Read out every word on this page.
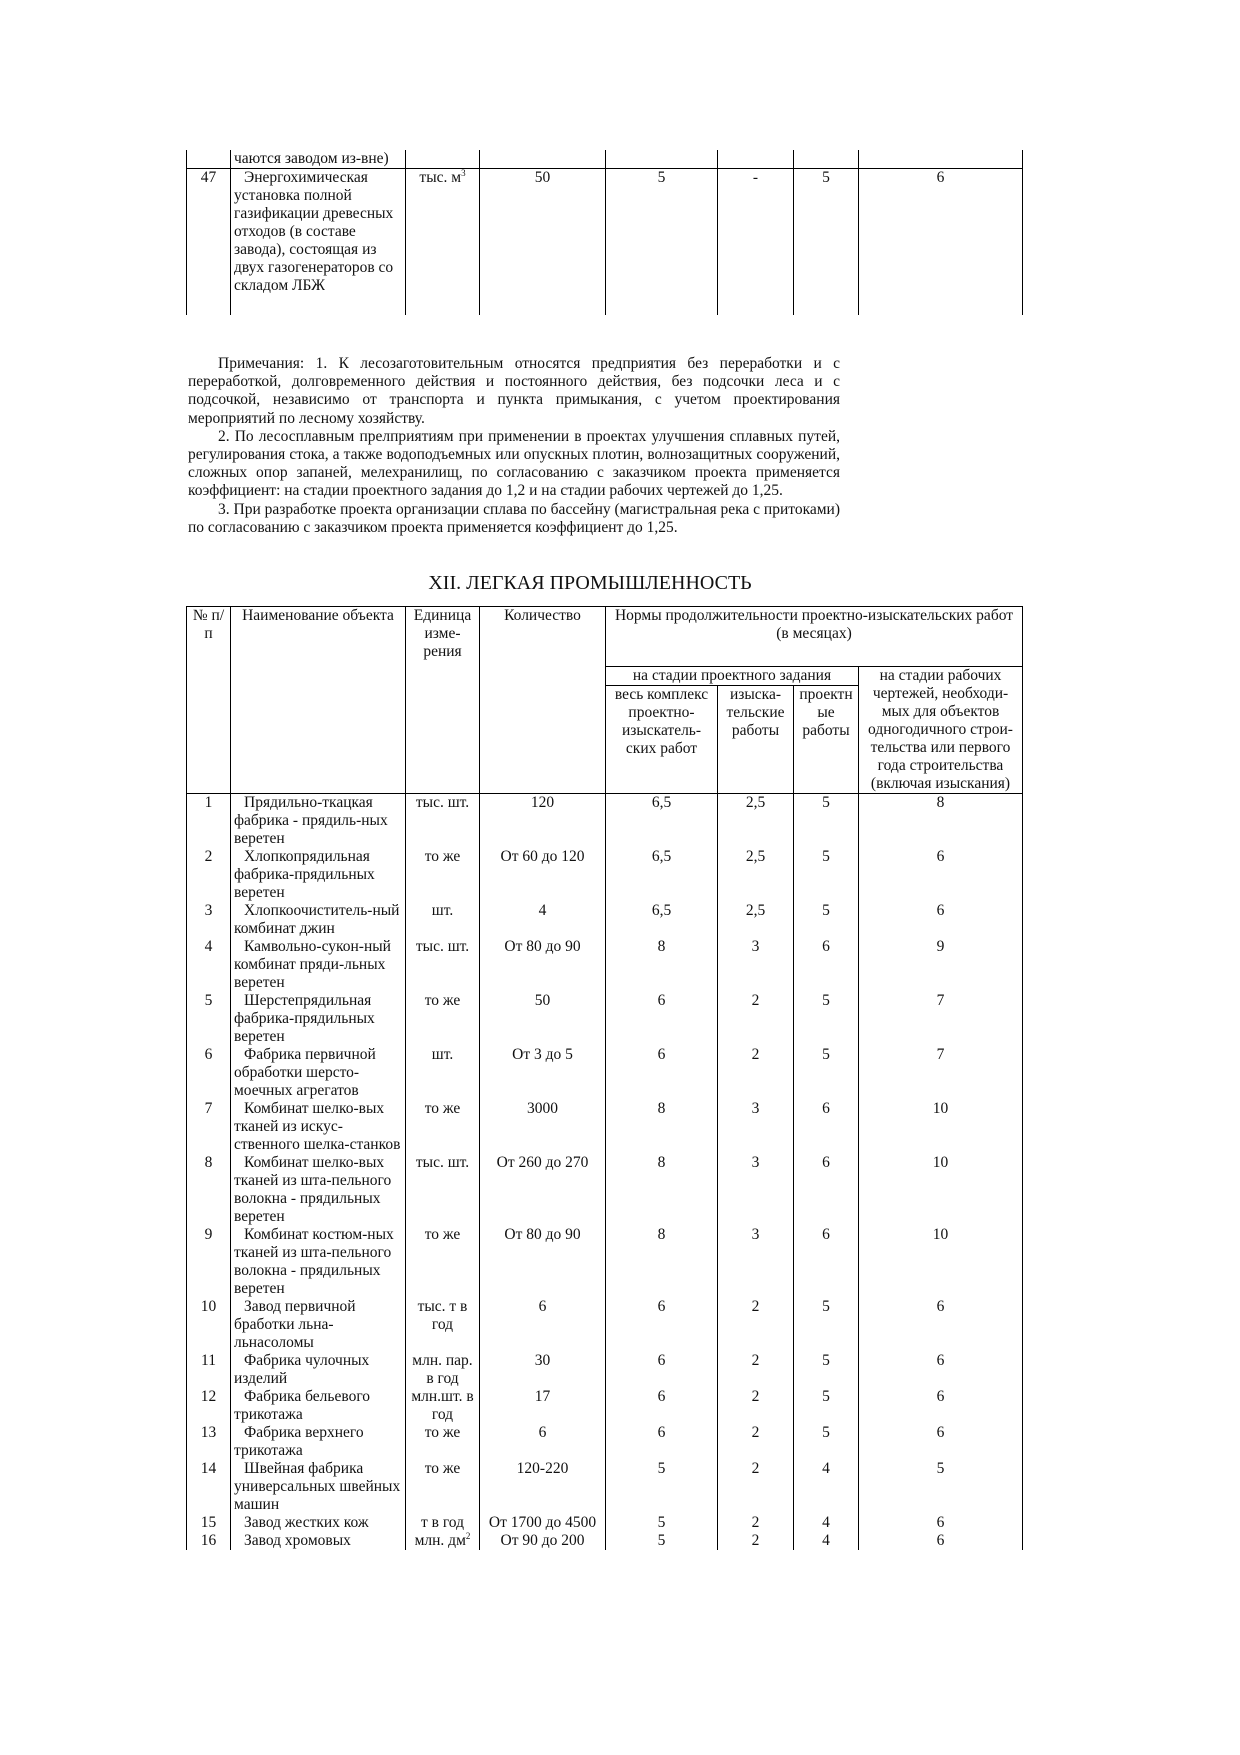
	чаются заводом из-вне)						
47	Энергохимическая установка полной газификации древесных отходов (в составе завода), состоящая из двух газогенераторов со складом ЛБЖ	тыс. $м^3$	50	5	-	5	6

Примечания: 1. К лесозаготовительным относятся предприятия без переработки и с переработкой, долговременного действия и постоянного действия, без подсочки леса и с подсочкой, независимо от транспорта и пункта примыкания, с учетом проектирования мероприятий по лесному хозяйству.

2. По лесосплавным прелприятиям при применении в проектах улучшения сплавных путей, регулирования стока, а также водоподъемных или опускных плотин, волнозащитных сооружений, сложных опор запаней, мелехранилищ, по согласованию с заказчиком проекта применяется коэффициент: на стадии проектного задания до 1,2 и на стадии рабочих чертежей до 1,25.

3. При разработке проекта организации сплава по бассейну (магистральная река с притоками) по согласованию с заказчиком проекта применяется коэффициент до 1,25.

XII. ЛЕГКАЯ ПРОМЫШЛЕННОСТЬ
№ п/п	Наименование объекта	Единица изме-рения	Количество	Нормы продолжительности проектно-изыскательских работ (в месяцах)			
				на стадии проектного задания			на стадии рабочих чертежей, необходи-мых для объектов одногодичного строи-тельства или первого года строительства (включая изыскания)
				весь комплекс проектно-изыскатель-ских работ	изыска-тельские работы	проектн ые работы	
1	Прядильно-ткацкая фабрика - прядиль-ных веретен	тыс. шт.	120	6,5	2,5	5	8
2	Хлопкопрядильная фабрика-прядильных веретен	то же	От 60 до 120	6,5	2,5	5	6
3	Хлопкоочиститель-ный комбинат джин	шт.	4	6,5	2,5	5	6
4	Камвольно-сукон-ный комбинат пряди-льных веретен	тыс. шт.	От 80 до 90	8	3	6	9
5	Шерстепрядильная фабрика-прядильных веретен	то же	50	6	2	5	7
6	Фабрика первичной обработки шерсто-моечных агрегатов	шт.	От 3 до 5	6	2	5	7
7	Комбинат шелко-вых тканей из искус-ственного шелка-станков	то же	3000	8	3	6	10
8	Комбинат шелко-вых тканей из шта-пельного волокна - прядильных веретен	тыс. шт.	От 260 до 270	8	3	6	10
9	Комбинат костюм-ных тканей из шта-пельного волокна - прядильных веретен	то же	От 80 до 90	8	3	6	10
10	Завод первичной бработки льна-льнасоломы	тыс. т в год	6	6	2	5	6
11	Фабрика чулочных изделий	млн. пар. в год	30	6	2	5	6
12	Фабрика бельевого трикотажа	млн.шт. в год	17	6	2	5	6
13	Фабрика верхнего трикотажа	то же	6	6	2	5	6
14	Швейная фабрика универсальных швейных машин	то же	120-220	5	2	4	5
15	Завод жестких кож	т в год	От 1700 до 4500	5	2	4	6
16	Завод хромовых	млн. $дм^2$	От 90 до 200	5	2	4	6
